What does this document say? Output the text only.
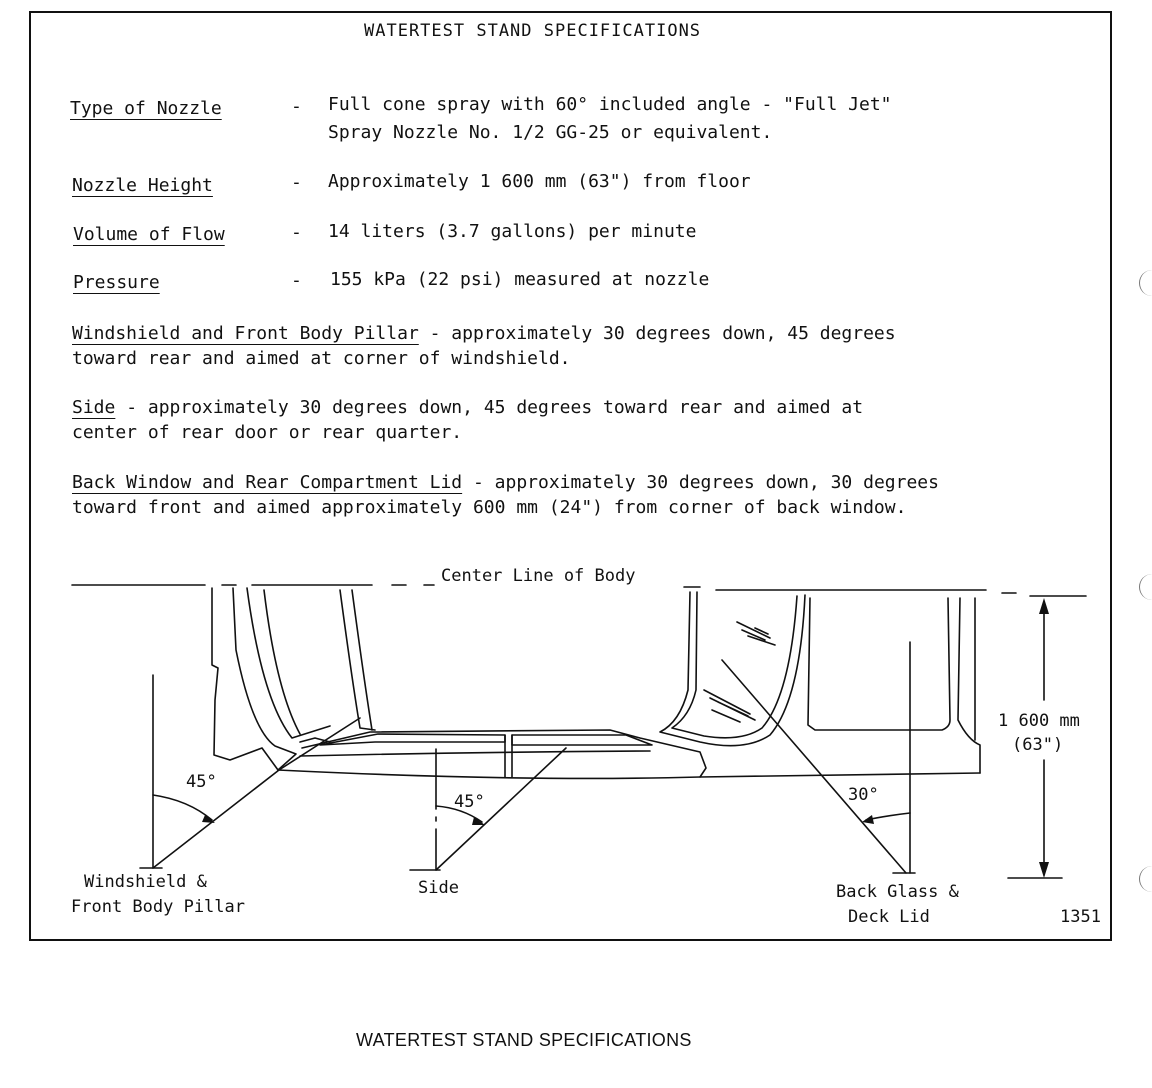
WATERTEST STAND SPECIFICATIONS
Type of Nozzle	- Full cone spray with 60° included angle - "Full Jet"
Spray Nozzle No. 1/2 GG-25 or equivalent.
Nozzle Height	- Approximately 1 600 mm (63") from floor
Volume of Flow	- 14 liters (3.7 gallons) per minute
Pressure	- 155 kPa (22 psi) measured at nozzle
Windshield and Front Body Pillar - approximately 30 degrees down, 45 degrees
toward rear and aimed at corner of windshield.
Side - approximately 30 degrees down, 45 degrees toward rear and aimed at
center of rear door or rear quarter.
Back Window and Rear Compartment Lid - approximately 30 degrees down, 30 degrees
toward front and aimed approximately 600 mm (24") from corner of back window.
Center Line of Body
45°
45°	30°
1 600 mm
(63")
Windshield &
Front Body Pillar
Side	Back Glass &
Deck Lid	1351
WATERTEST STAND SPECIFICATIONS
